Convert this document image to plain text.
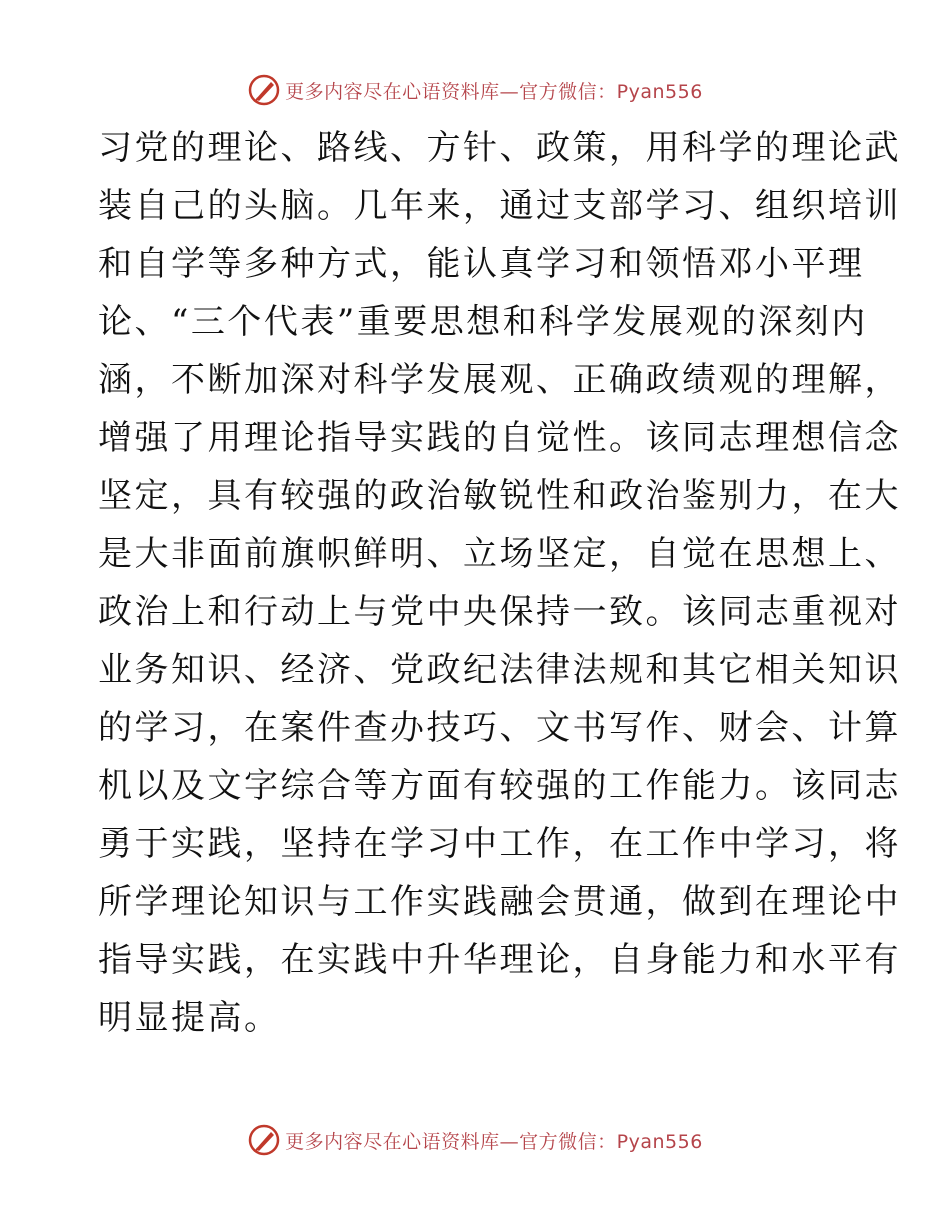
更多内容尽在心语资料库—官方微信：Pyan556
习党的理论、路线、方针、政策，用科学的理论武
装自己的头脑。几年来，通过支部学习、组织培训
和自学等多种方式，能认真学习和领悟邓小平理
论、“三个代表”重要思想和科学发展观的深刻内
涵，不断加深对科学发展观、正确政绩观的理解，
增强了用理论指导实践的自觉性。该同志理想信念
坚定，具有较强的政治敏锐性和政治鉴别力，在大
是大非面前旗帜鲜明、立场坚定，自觉在思想上、
政治上和行动上与党中央保持一致。该同志重视对
业务知识、经济、党政纪法律法规和其它相关知识
的学习，在案件查办技巧、文书写作、财会、计算
机以及文字综合等方面有较强的工作能力。该同志
勇于实践，坚持在学习中工作，在工作中学习，将
所学理论知识与工作实践融会贯通，做到在理论中
指导实践，在实践中升华理论，自身能力和水平有
明显提高。
更多内容尽在心语资料库—官方微信：Pyan556
